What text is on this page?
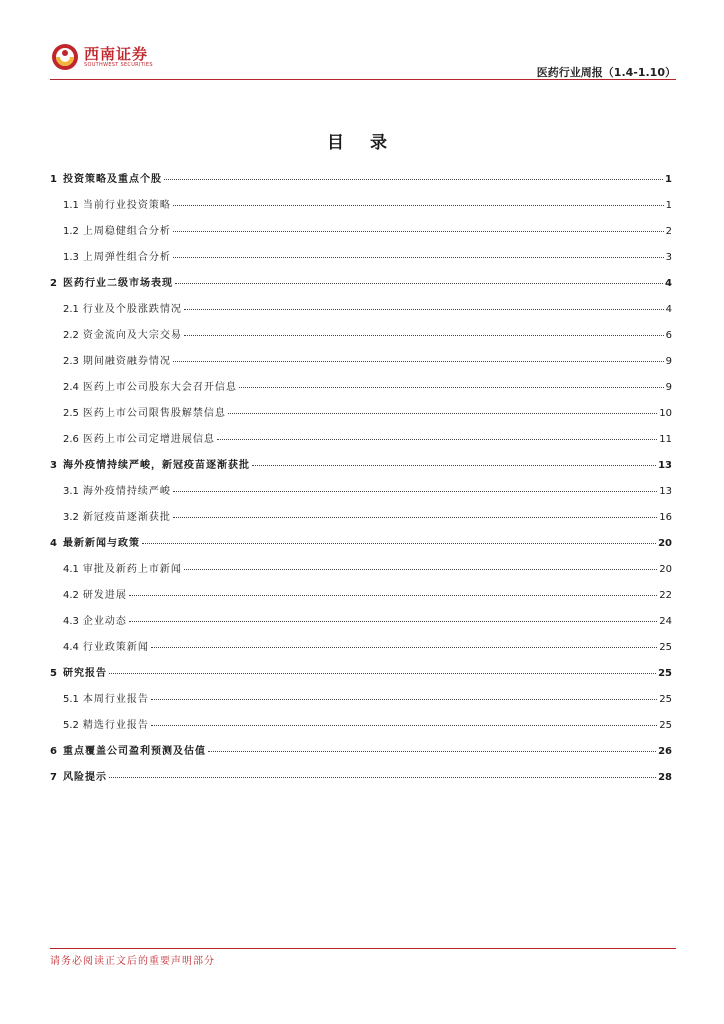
西南证券
SOUTHWEST SECURITIES
医药行业周报（1.4-1.10）
目 录
1 投资策略及重点个股	1
1.1 当前行业投资策略	1
1.2 上周稳健组合分析	2
1.3 上周弹性组合分析	3
2 医药行业二级市场表现	4
2.1 行业及个股涨跌情况	4
2.2 资金流向及大宗交易	6
2.3 期间融资融券情况	9
2.4 医药上市公司股东大会召开信息	9
2.5 医药上市公司限售股解禁信息	10
2.6 医药上市公司定增进展信息	11
3 海外疫情持续严峻，新冠疫苗逐渐获批	13
3.1 海外疫情持续严峻	13
3.2 新冠疫苗逐渐获批	16
4 最新新闻与政策	20
4.1 审批及新药上市新闻	20
4.2 研发进展	22
4.3 企业动态	24
4.4 行业政策新闻	25
5 研究报告	25
5.1 本周行业报告	25
5.2 精选行业报告	25
6 重点覆盖公司盈利预测及估值	26
7 风险提示	28
请务必阅读正文后的重要声明部分
